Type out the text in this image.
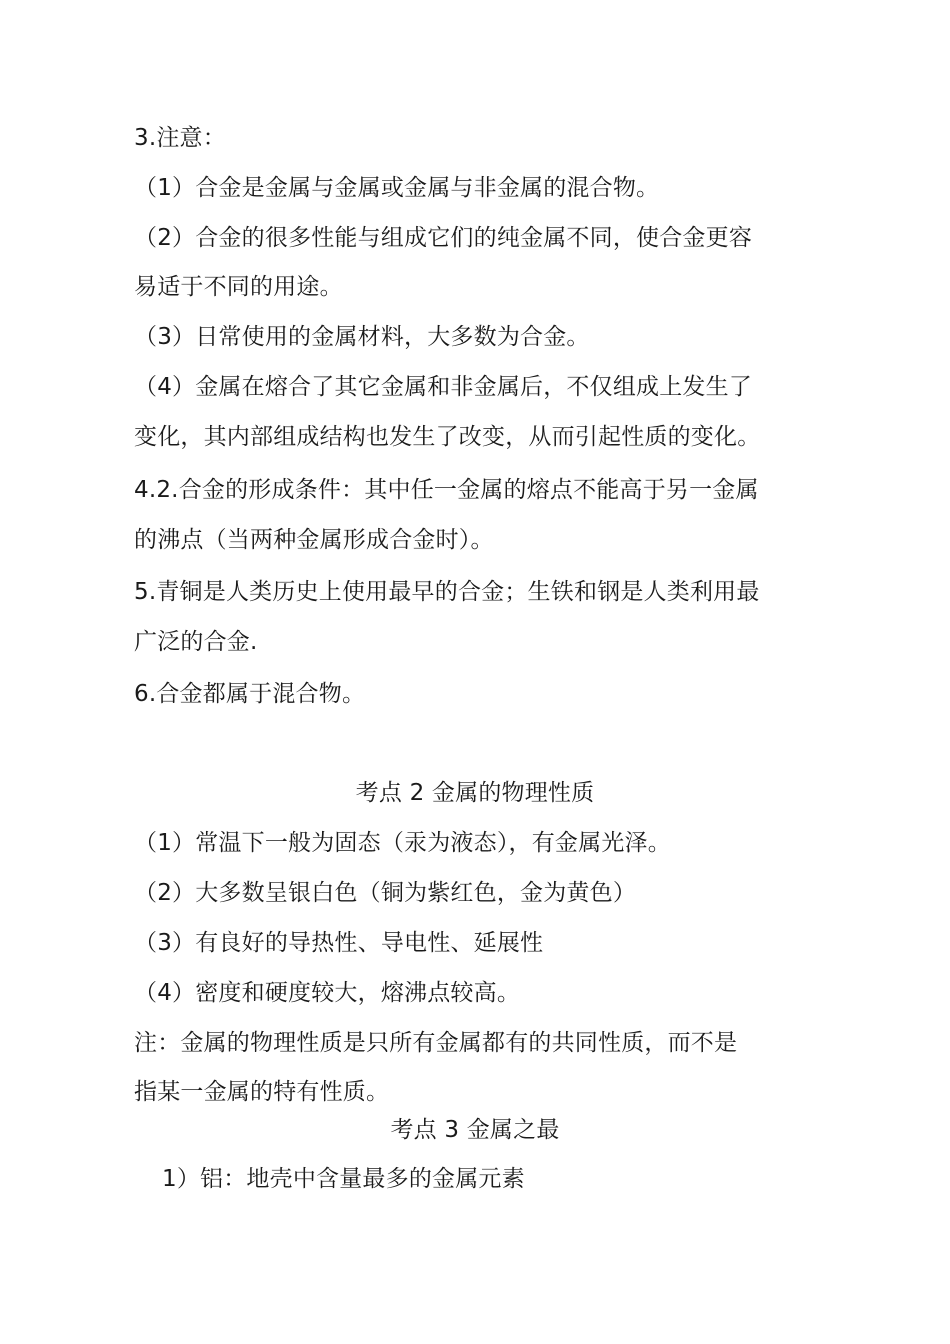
3.注意：
（1）合金是金属与金属或金属与非金属的混合物。
（2）合金的很多性能与组成它们的纯金属不同，使合金更容
易适于不同的用途。
（3）日常使用的金属材料，大多数为合金。
（4）金属在熔合了其它金属和非金属后，不仅组成上发生了
变化，其内部组成结构也发生了改变，从而引起性质的变化。
4.2.合金的形成条件：其中任一金属的熔点不能高于另一金属
的沸点（当两种金属形成合金时）。
5.青铜是人类历史上使用最早的合金；生铁和钢是人类利用最
广泛的合金.
6.合金都属于混合物。
考点 2 金属的物理性质
（1）常温下一般为固态（汞为液态），有金属光泽。
（2）大多数呈银白色（铜为紫红色，金为黄色）
（3）有良好的导热性、导电性、延展性
（4）密度和硬度较大，熔沸点较高。
注：金属的物理性质是只所有金属都有的共同性质，而不是
指某一金属的特有性质。
考点 3 金属之最
1）铝：地壳中含量最多的金属元素
